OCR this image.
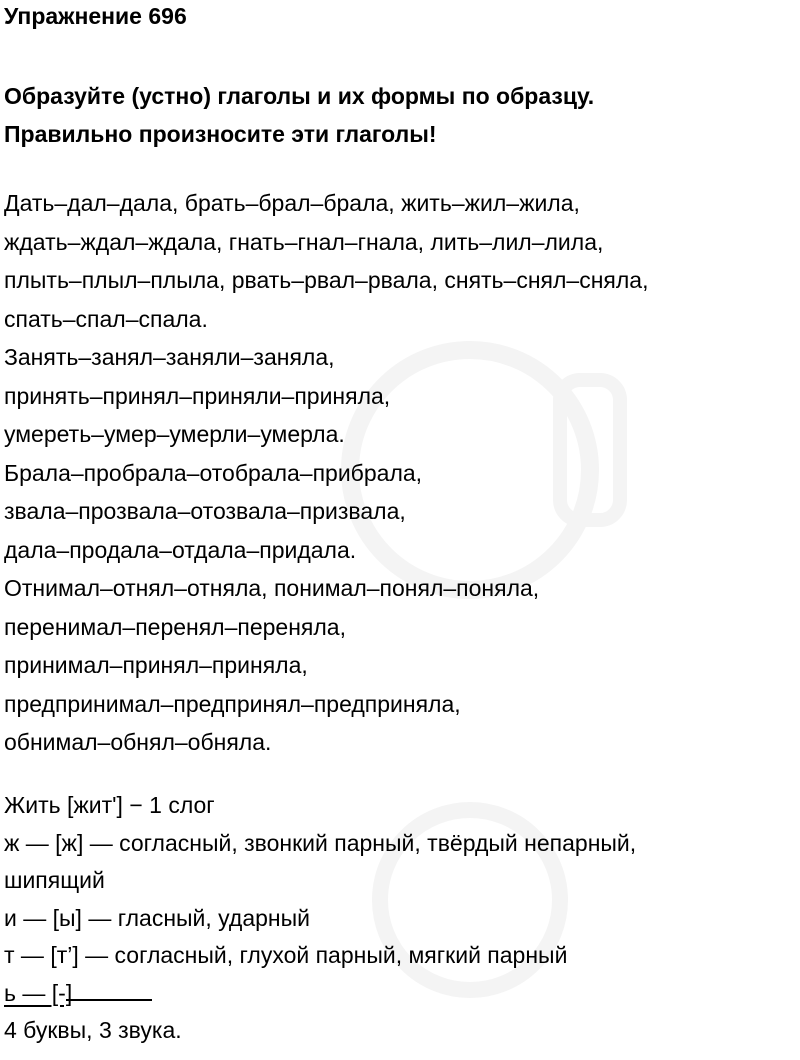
Упражнение 696
Образуйте (устно) глаголы и их формы по образцу.
Правильно произносите эти глаголы!
Дать–дал–дала, брать–брал–брала, жить–жил–жила,
ждать–ждал–ждала, гнать–гнал–гнала, лить–лил–лила,
плыть–плыл–плыла, рвать–рвал–рвала, снять–снял–сняла,
спать–спал–спала.
Занять–занял–заняли–заняла,
принять–принял–приняли–приняла,
умереть–умер–умерли–умерла.
Брала–пробрала–отобрала–прибрала,
звала–прозвала–отозвала–призвала,
дала–продала–отдала–придала.
Отнимал–отнял–отняла, понимал–понял–поняла,
перенимал–перенял–переняла,
принимал–принял–приняла,
предпринимал–предпринял–предприняла,
обнимал–обнял–обняла.
Жить [жит'] − 1 слог
ж — [ж] — согласный, звонкий парный, твёрдый непарный,
шипящий
и — [ы] — гласный, ударный
т — [т’] — согласный, глухой парный, мягкий парный
ь — [-]
4 буквы, 3 звука.
